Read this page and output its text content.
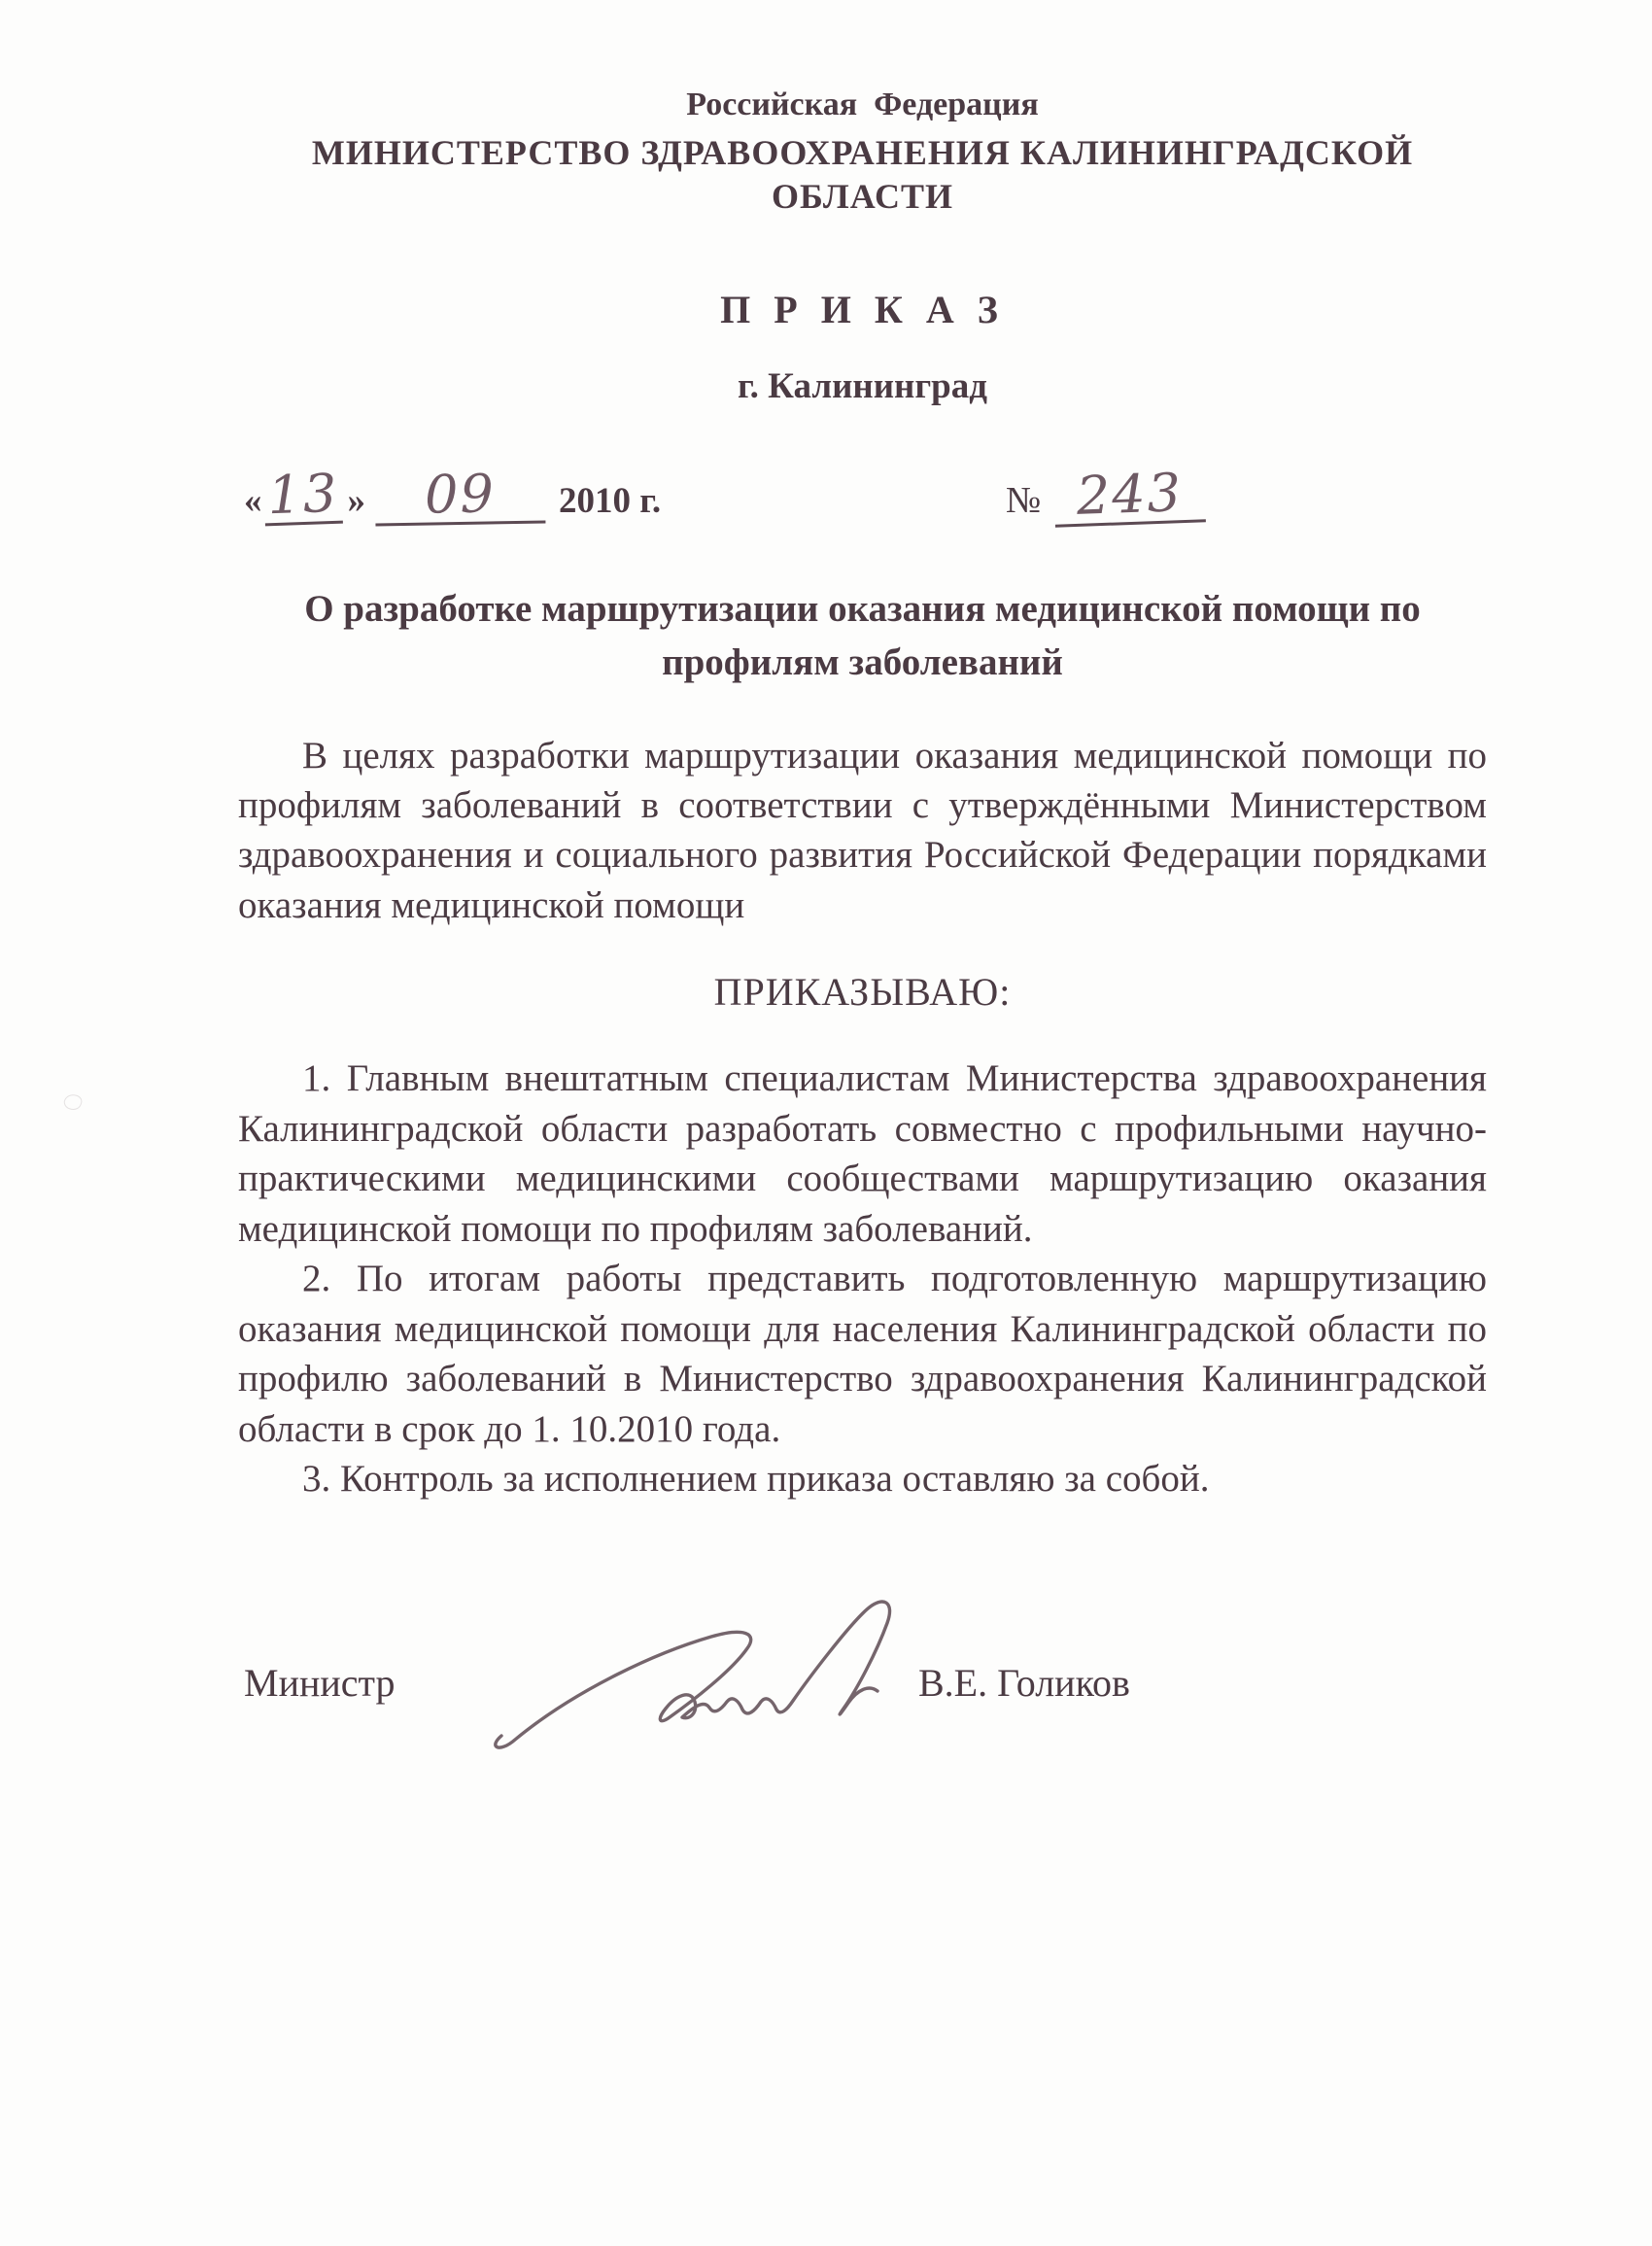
Российская  Федерация
МИНИСТЕРСТВО ЗДРАВООХРАНЕНИЯ КАЛИНИНГРАДСКОЙ ОБЛАСТИ
П Р И К А З
г. Калининград
«13 » 09 2010 г.	№ 243
О разработке маршрутизации оказания медицинской помощи по профилям заболеваний

В целях разработки маршрутизации оказания медицинской помощи по профилям заболеваний в соответствии с утверждёнными Министерством здравоохранения и социального развития Российской Федерации порядками оказания медицинской помощи

ПРИКАЗЫВАЮ:

1. Главным внештатным специалистам Министерства здравоохранения Калининградской области разработать совместно с профильными научно-практическими медицинскими сообществами маршрутизацию оказания медицинской помощи по профилям заболеваний.

2. По итогам работы представить подготовленную маршрутизацию оказания медицинской помощи для населения Калининградской области по профилю заболеваний в Министерство здравоохранения Калининградской области в срок до 1. 10.2010 года.

3. Контроль за исполнением приказа оставляю за собой.

Министр	В.Е. Голиков
